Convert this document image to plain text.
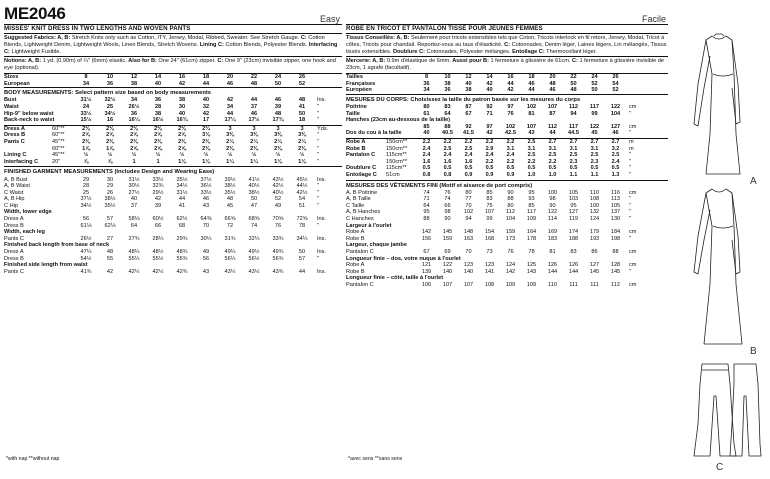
ME2046	Easy
MISSES' KNIT DRESS IN TWO LENGTHS AND WOVEN PANTS
Suggested Fabrics: A, B: Stretch Knits only such as Cotton, ITY, Jersey, Modal, Ribbed, Sweater. See Stretch Gauge. C: Cotton Blends, Lightweight Denim, Lightweight Wools, Linen Blends, Stretch Wovens. Lining C: Cotton Blends, Polyester Blends. Interfacing C: Lightweight Fusible.
Notions: A, B: 1 yd. (0.90m) of ¼" (6mm) elastic. Also for B: One 24" (61cm) zipper. C: One 9" (23cm) invisible zipper, one hook and eye (optional).
Sizes	8	10	12	14	16	18	20	22	24	26
European	34	36	38	40	42	44	46	48	50	52
BODY MEASUREMENTS: Select pattern size based on body measurements
Bust	31½	32½	34	36	38	40	42	44	46	48	Ins.
Waist	24	25	26½	28	30	32	34	37	39	41	"
Hip-9" below waist	33½	34½	36	38	40	42	44	46	48	50	"
Back-neck to waist	15½	16	16¼	16½	16¾	17	17¼	17½	17¾	18	"
Dress A	60"**	2⅜	2⅜	2⅜	2⅜	2⅜	2¾	3	3	3	3	Yds.
Dress B	60"**	2⅝	2⅝	2⅝	2⅝	2⅝	3⅛	3⅜	3⅜	3⅜	3⅜	"
Pants C	45"**	2⅜	2⅜	2⅜	2⅜	2⅜	2⅜	2¼	2¼	2¼	2¼	"
60"**	1⅞	1⅞	2⅝	2⅝	2⅝	2⅜	2⅜	2⅜	2⅜	2⅜	"
Lining C	45"**	½	½	½	½	½	½	½	½	½	½	"
Interfacing C	20"	⅞	⅞	1	1	1⅛	1⅛	1¼	1¼	1⅛	1⅛	"
FINISHED GARMENT MEASUREMENTS (Includes Design and Wearing Ease)
A, B Bust	29	30	31½	33½	35½	37½	39½	41½	43½	45½	Ins.
A, B Waist	28	29	30½	32¾	34½	36½	38½	40½	42½	44½	"
C Waist	25	26	27½	29½	31½	33½	35½	38½	40½	42½	"
A, B Hip	37½	38½	40	42	44	46	48	50	52	54	"
C Hip	34½	35½	37	39	41	43	45	47	49	51	"
Width, lower edge
Dress A	56	57	58⅛	60½	62½	64⅜	66⅝	68⅝	70⅝	72⅝	Ins.
Dress B	61⅛	62⅛	64	66	68	70	72	74	76	78	"
Width, each leg
Pants C	26½	27	27¾	28¼	29¾	30¼	31¾	32¼	33¾	34¼	Ins.
Finished back length from base of neck
Dress A	47¼	48	48¼	48½	48¾	49	49¼	49½	49¾	50	Ins.
Dress B	54½	55	55¼	55½	55¾	56	56¼	56½	56¾	57	"
Finished side length from waist
Pants C	41¾	42	42¼	42½	42¾	43	43¼	43½	43¾	44	Ins.
*with nap **without nap
Facile
ROBE EN TRICOT ET PANTALON TISSÉ POUR JEUNES FEMMES
Tissus Conseillés: A, B: Seulement pour tricots extensibles tels que Coton, Tricots interlock en fil retors, Jersey, Modal, Tricot à côtes, Tricots pour chandail. Reportez-vous au taux d'élasticité. C: Cotonnades, Denim léger, Laines légers, Lin mélangés, Tissus tissés extensibles. Doublure C: Cotonnades, Polyester mélanges. Entoilage C: Thermocollant léger.
Mercerie: A, B: 0.9m d'élastique de 6mm. Aussi pour B: 1 fermeture à glissière de 61cm. C: 1 fermeture à glissière invisible de 23cm, 1 agrafe (facultatif).
Tailles	8	10	12	14	16	18	20	22	24	26
Françaises	36	38	40	42	44	46	48	50	52	54
Européen	34	36	38	40	42	44	46	48	50	52
MESURES DU CORPS: Choisissez la taille du patron basée sur les mesures du corps
Poitrine	80	83	87	92	97	102	107	112	117	122	cm
Taille	61	64	67	71	76	81	87	94	99	104	"
Hanches (23cm au-dessous de la taille)
85	88	92	97	102	107	112	117	122	127	cm
Dos du cou à la taille	40	40.5	41.5	42	42.5	43	44	44.5	45	46	"
Robe A	150cm**	2.2	2.2	2.2	2.2	2.2	2.5	2.7	2.7	2.7	2.7	m
Robe B	150cm**	2.4	2.5	2.5	2.9	3.1	3.1	3.1	3.1	3.1	3.2	m
Pantalon C	115cm**	2.4	2.4	2.4	2.4	2.4	2.5	2.5	2.5	2.5	2.5	"
150cm**	1.6	1.6	1.6	2.2	2.2	2.2	2.2	2.3	2.3	2.4	"
Doublure C	115cm**	0.5	0.5	0.5	0.5	0.5	0.5	0.5	0.5	0.5	0.5	"
Entoilage C	51cm	0.8	0.8	0.9	0.9	0.9	1.0	1.0	1.1	1.1	1.3	"
MESURES DES VÊTEMENTS FINI (Motif et aisance de port compris)
A, B Poitrine	74	76	80	85	90	95	100	105	110	116	cm
A, B Taille	71	74	77	83	88	93	98	103	108	113	"
C Taille	64	66	70	75	80	85	90	95	100	105	"
A, B Hanches	95	98	102	107	112	117	122	127	132	137	"
C Hanches	88	90	94	99	104	109	114	119	124	130	"
Largeur à l'ourlet
Robe A	142	145	148	154	159	164	169	174	179	184	cm
Robe B	156	159	163	168	173	178	183	188	193	198	"
Largeur, chaque jambe
Pantalon C	67	69	70	73	76	78	81	83	86	88	cm
Longueur finie – dos, votre nuque à l'ourlet
Robe A	121	122	123	123	124	125	126	126	127	128	cm
Robe B	139	140	140	141	142	143	144	144	145	145	"
Longueur finie – côté, taille à l'ourlet
Pantalon C	106	107	107	108	109	109	110	111	111	112	cm
*avec sens **sans sens
A
B
C
